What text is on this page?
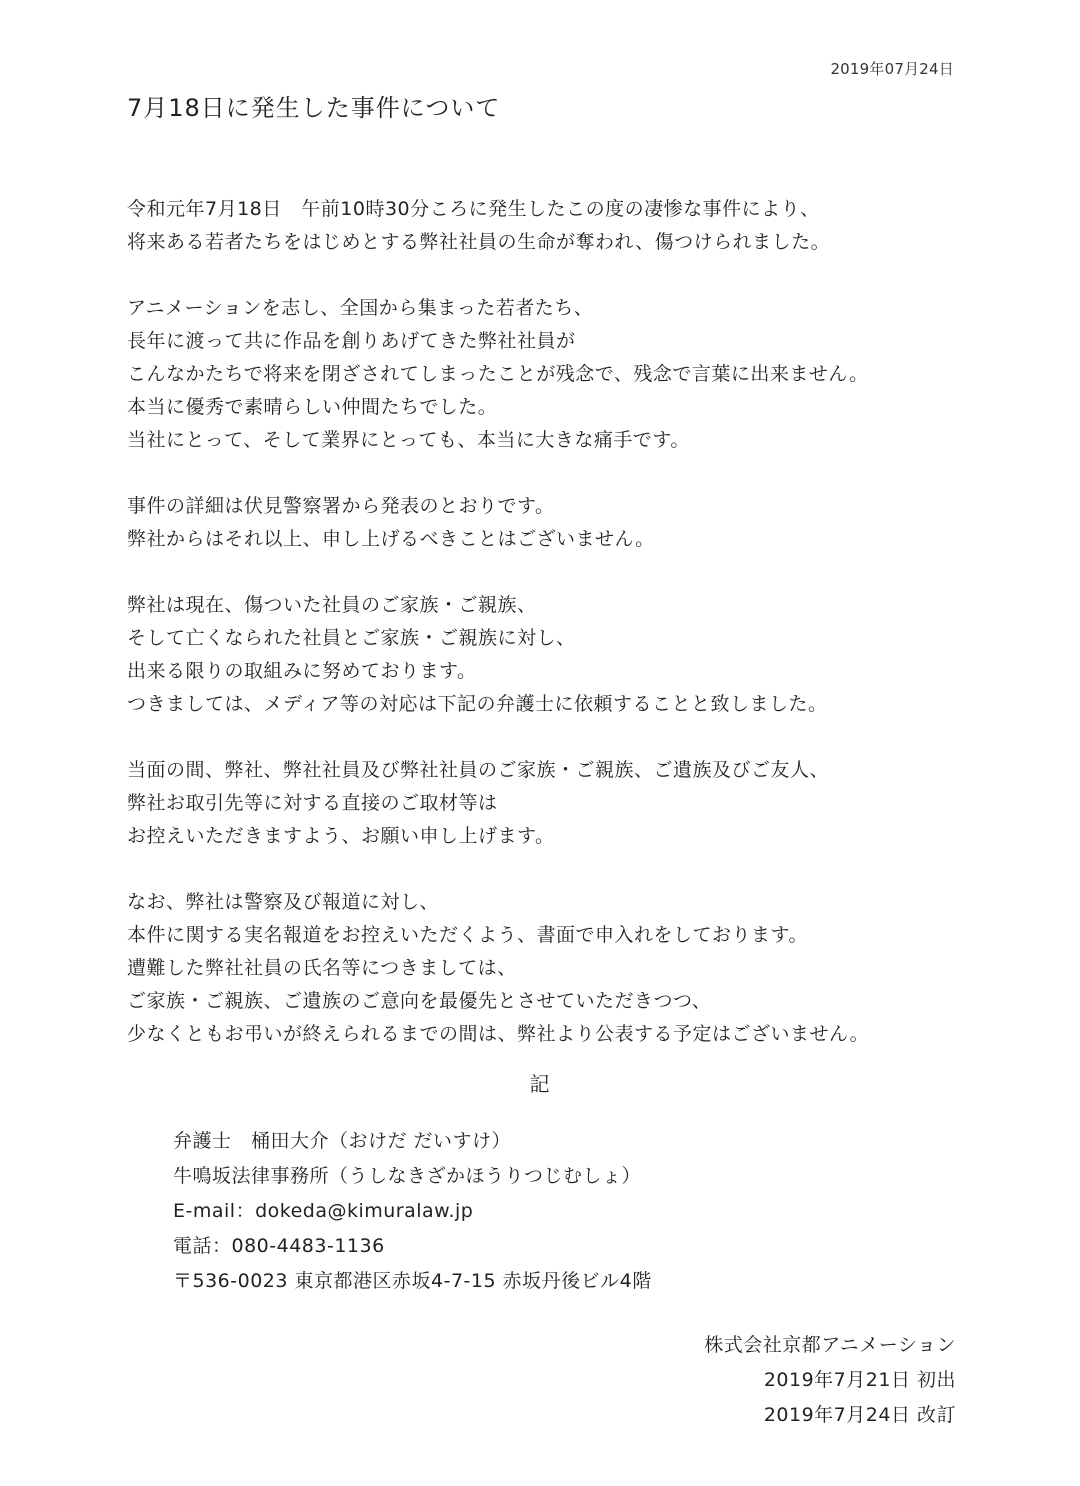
2019年07月24日
7月18日に発生した事件について

令和元年7月18日　午前10時30分ころに発生したこの度の凄惨な事件により、
将来ある若者たちをはじめとする弊社社員の生命が奪われ、傷つけられました。

アニメーションを志し、全国から集まった若者たち、
長年に渡って共に作品を創りあげてきた弊社社員が
こんなかたちで将来を閉ざされてしまったことが残念で、残念で言葉に出来ません。
本当に優秀で素晴らしい仲間たちでした。
当社にとって、そして業界にとっても、本当に大きな痛手です。

事件の詳細は伏見警察署から発表のとおりです。
弊社からはそれ以上、申し上げるべきことはございません。

弊社は現在、傷ついた社員のご家族・ご親族、
そして亡くなられた社員とご家族・ご親族に対し、
出来る限りの取組みに努めております。
つきましては、メディア等の対応は下記の弁護士に依頼することと致しました。

当面の間、弊社、弊社社員及び弊社社員のご家族・ご親族、ご遺族及びご友人、
弊社お取引先等に対する直接のご取材等は
お控えいただきますよう、お願い申し上げます。

なお、弊社は警察及び報道に対し、
本件に関する実名報道をお控えいただくよう、書面で申入れをしております。
遭難した弊社社員の氏名等につきましては、
ご家族・ご親族、ご遺族のご意向を最優先とさせていただきつつ、
少なくともお弔いが終えられるまでの間は、弊社より公表する予定はございません。

記
弁護士　桶田大介（おけだ だいすけ）
牛鳴坂法律事務所（うしなきざかほうりつじむしょ）
E-mail：dokeda@kimuralaw.jp
電話：080-4483-1136
〒536-0023 東京都港区赤坂4-7-15 赤坂丹後ビル4階
株式会社京都アニメーション
2019年7月21日 初出
2019年7月24日 改訂
